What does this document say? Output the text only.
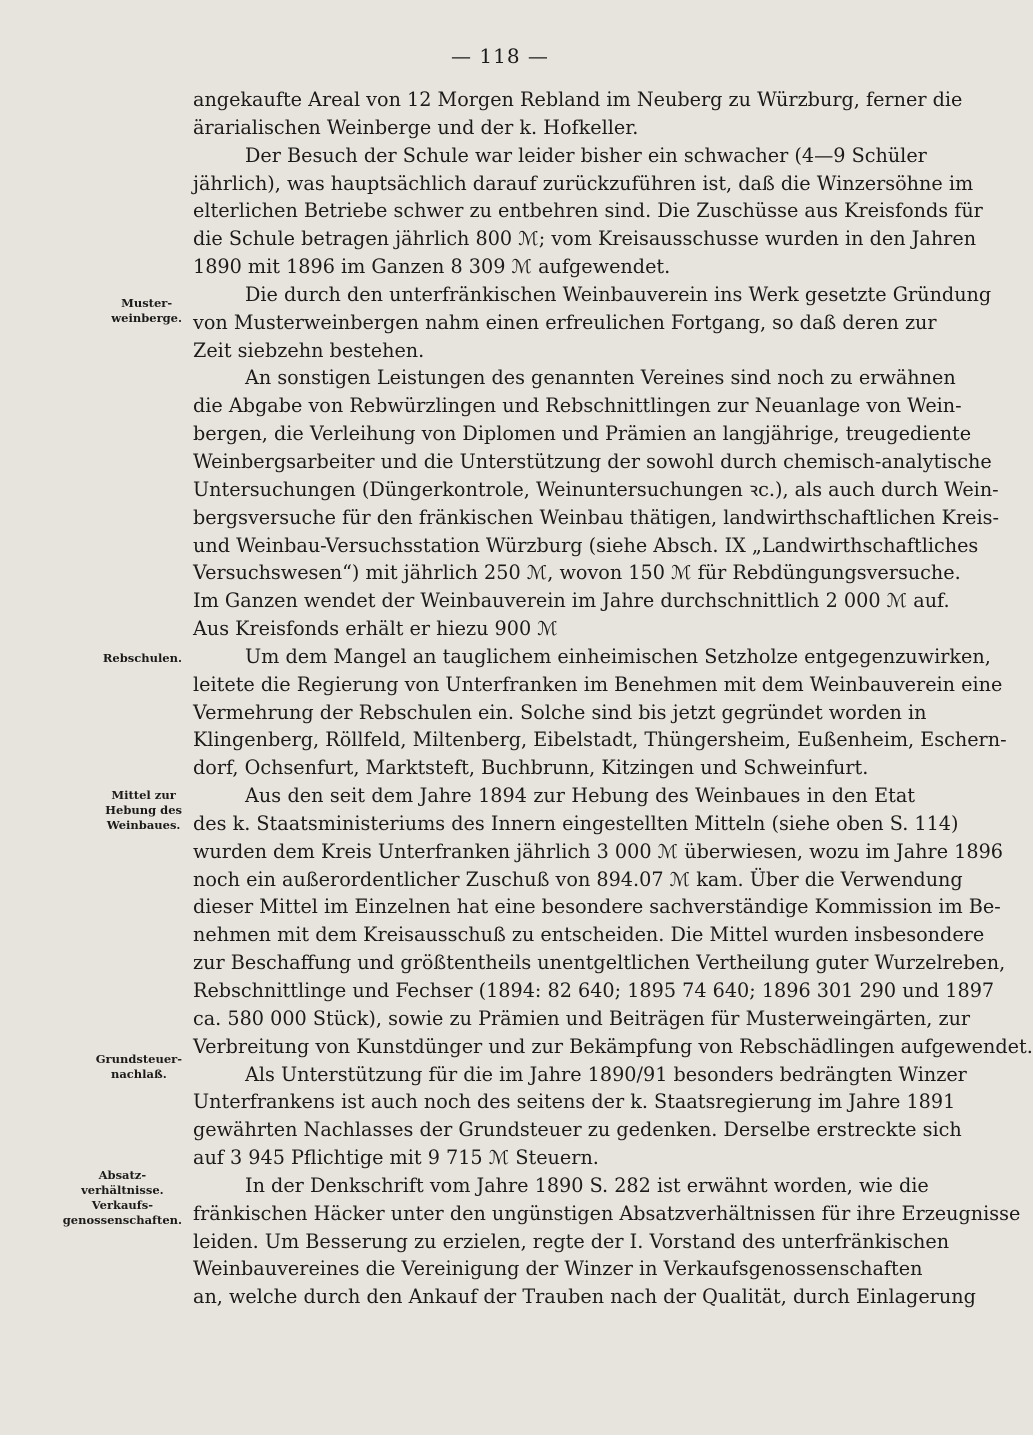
— 118 —
Muster-
weinberge.
Rebschulen.
Mittel zur
Hebung des
Weinbaues.
Grundsteuer-
nachlaß.
Absatz-
verhältnisse.
Verkaufs-
genossenschaften.
angekaufte Areal von 12 Morgen Rebland im Neuberg zu Würzburg, ferner die
ärarialischen Weinberge und der k. Hofkeller.
Der Besuch der Schule war leider bisher ein schwacher (4—9 Schüler
jährlich), was hauptsächlich darauf zurückzuführen ist, daß die Winzersöhne im
elterlichen Betriebe schwer zu entbehren sind. Die Zuschüsse aus Kreisfonds für
die Schule betragen jährlich 800 ℳ; vom Kreisausschusse wurden in den Jahren
1890 mit 1896 im Ganzen 8 309 ℳ aufgewendet.
Die durch den unterfränkischen Weinbauverein ins Werk gesetzte Gründung
von Musterweinbergen nahm einen erfreulichen Fortgang, so daß deren zur
Zeit siebzehn bestehen.
An sonstigen Leistungen des genannten Vereines sind noch zu erwähnen
die Abgabe von Rebwürzlingen und Rebschnittlingen zur Neuanlage von Wein-
bergen, die Verleihung von Diplomen und Prämien an langjährige, treugediente
Weinbergsarbeiter und die Unterstützung der sowohl durch chemisch-analytische
Untersuchungen (Düngerkontrole, Weinuntersuchungen ꝛc.), als auch durch Wein-
bergsversuche für den fränkischen Weinbau thätigen, landwirthschaftlichen Kreis-
und Weinbau-Versuchsstation Würzburg (siehe Absch. IX „Landwirthschaftliches
Versuchswesen“) mit jährlich 250 ℳ, wovon 150 ℳ für Rebdüngungsversuche.
Im Ganzen wendet der Weinbauverein im Jahre durchschnittlich 2 000 ℳ auf.
Aus Kreisfonds erhält er hiezu 900 ℳ
Um dem Mangel an tauglichem einheimischen Setzholze entgegenzuwirken,
leitete die Regierung von Unterfranken im Benehmen mit dem Weinbauverein eine
Vermehrung der Rebschulen ein. Solche sind bis jetzt gegründet worden in
Klingenberg, Röllfeld, Miltenberg, Eibelstadt, Thüngersheim, Eußenheim, Eschern-
dorf, Ochsenfurt, Marktsteft, Buchbrunn, Kitzingen und Schweinfurt.
Aus den seit dem Jahre 1894 zur Hebung des Weinbaues in den Etat
des k. Staatsministeriums des Innern eingestellten Mitteln (siehe oben S. 114)
wurden dem Kreis Unterfranken jährlich 3 000 ℳ überwiesen, wozu im Jahre 1896
noch ein außerordentlicher Zuschuß von 894.07 ℳ kam. Über die Verwendung
dieser Mittel im Einzelnen hat eine besondere sachverständige Kommission im Be-
nehmen mit dem Kreisausschuß zu entscheiden. Die Mittel wurden insbesondere
zur Beschaffung und größtentheils unentgeltlichen Vertheilung guter Wurzelreben,
Rebschnittlinge und Fechser (1894: 82 640; 1895 74 640; 1896 301 290 und 1897
ca. 580 000 Stück), sowie zu Prämien und Beiträgen für Musterweingärten, zur
Verbreitung von Kunstdünger und zur Bekämpfung von Rebschädlingen aufgewendet.
Als Unterstützung für die im Jahre 1890/91 besonders bedrängten Winzer
Unterfrankens ist auch noch des seitens der k. Staatsregierung im Jahre 1891
gewährten Nachlasses der Grundsteuer zu gedenken. Derselbe erstreckte sich
auf 3 945 Pflichtige mit 9 715 ℳ Steuern.
In der Denkschrift vom Jahre 1890 S. 282 ist erwähnt worden, wie die
fränkischen Häcker unter den ungünstigen Absatzverhältnissen für ihre Erzeugnisse
leiden. Um Besserung zu erzielen, regte der I. Vorstand des unterfränkischen
Weinbauvereines die Vereinigung der Winzer in Verkaufsgenossenschaften
an, welche durch den Ankauf der Trauben nach der Qualität, durch Einlagerung
